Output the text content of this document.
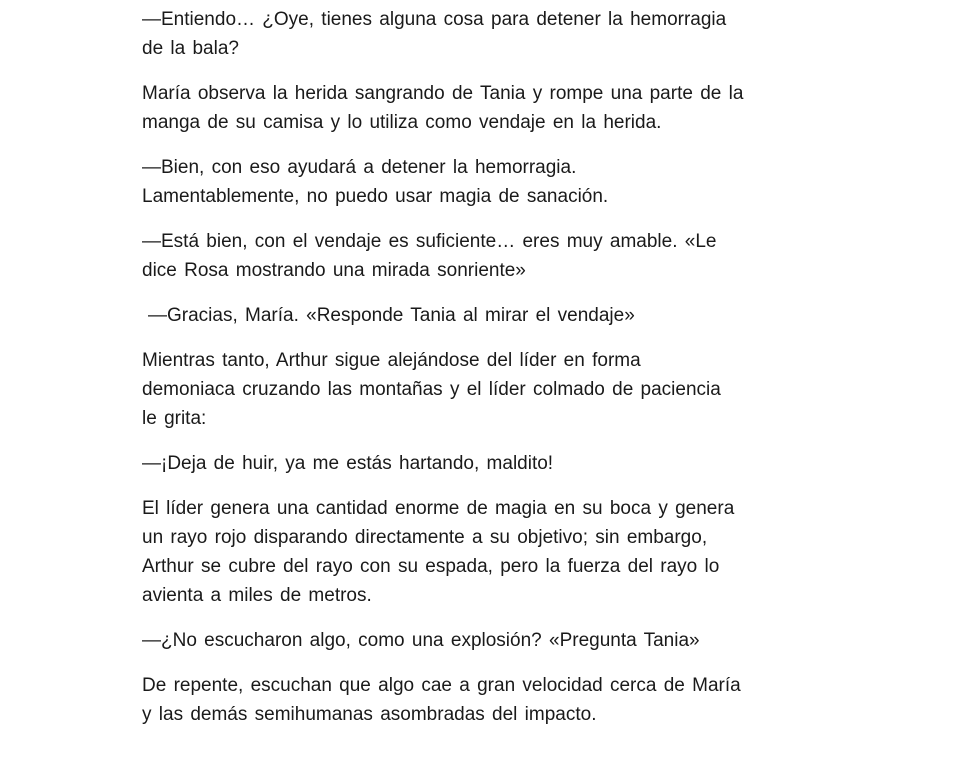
—Entiendo… ¿Oye, tienes alguna cosa para detener la hemorragia
de la bala?

María observa la herida sangrando de Tania y rompe una parte de la
manga de su camisa y lo utiliza como vendaje en la herida.

—Bien, con eso ayudará a detener la hemorragia.
Lamentablemente, no puedo usar magia de sanación.

—Está bien, con el vendaje es suficiente… eres muy amable. «Le
dice Rosa mostrando una mirada sonriente»

—Gracias, María. «Responde Tania al mirar el vendaje»

Mientras tanto, Arthur sigue alejándose del líder en forma
demoniaca cruzando las montañas y el líder colmado de paciencia
le grita:

—¡Deja de huir, ya me estás hartando, maldito!

El líder genera una cantidad enorme de magia en su boca y genera
un rayo rojo disparando directamente a su objetivo; sin embargo,
Arthur se cubre del rayo con su espada, pero la fuerza del rayo lo
avienta a miles de metros.

—¿No escucharon algo, como una explosión? «Pregunta Tania»

De repente, escuchan que algo cae a gran velocidad cerca de María
y las demás semihumanas asombradas del impacto.
